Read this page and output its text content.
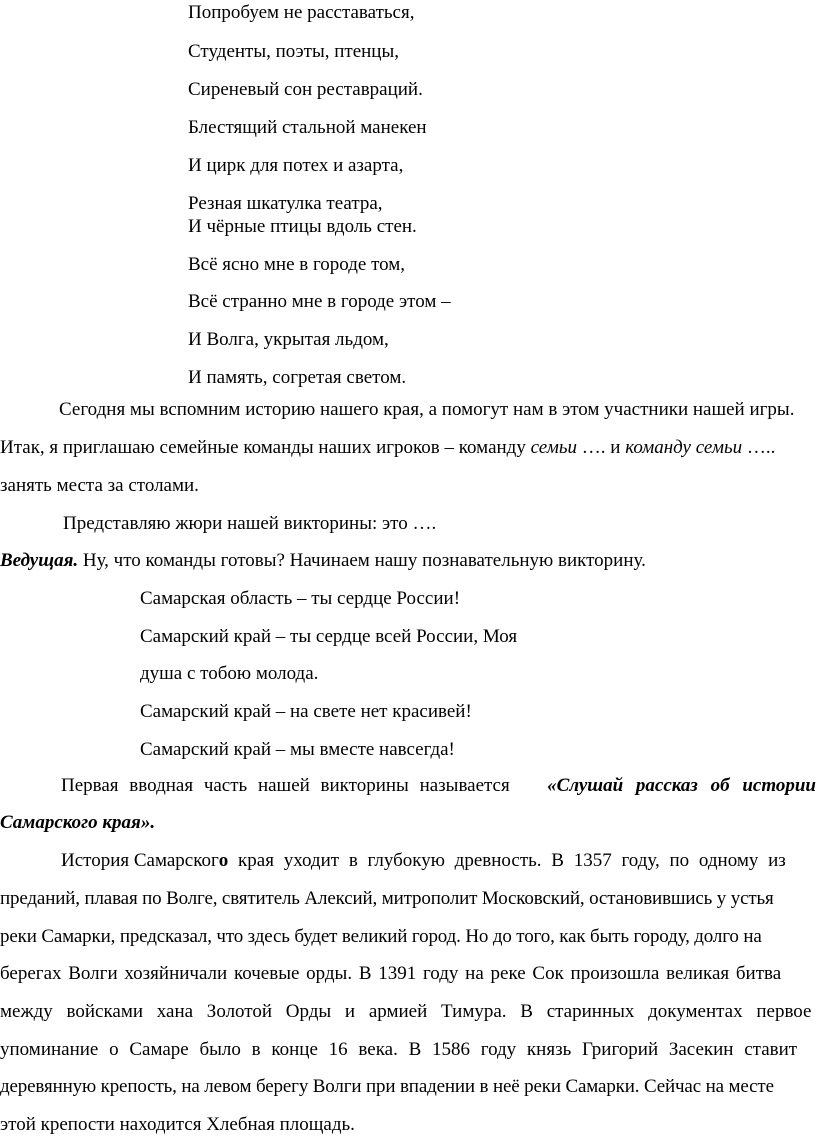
Попробуем не расставаться,
Студенты, поэты, птенцы,
Сиреневый сон реставраций.
Блестящий стальной манекен
И цирк для потех и азарта,
Резная шкатулка театра,
И чёрные птицы вдоль стен.
Всё ясно мне в городе том,
Всё странно мне в городе этом –
И Волга, укрытая льдом,
И память, согретая светом.
Сегодня мы вспомним историю нашего края, а помогут нам в этом участники нашей игры.
Итак, я приглашаю семейные команды наших игроков – команду семьи …. и команду семьи …..
занять места за столами.
Представляю жюри нашей викторины: это ….
Ведущая. Ну, что команды готовы? Начинаем нашу познавательную викторину.
Самарская область – ты сердце России!
Самарский край – ты сердце всей России, Моя
душа с тобою молода.
Самарский край – на свете нет красивей!
Самарский край – мы вместе навсегда!
Первая вводная часть нашей викторины называется «Слушай рассказ об истории
Самарского края».
История Самарского края уходит в глубокую древность. В 1357 году, по одному из
преданий, плавая по Волге, святитель Алексий, митрополит Московский, остановившись у устья
реки Самарки, предсказал, что здесь будет великий город. Но до того, как быть городу, долго на
берегах Волги хозяйничали кочевые орды. В 1391 году на реке Сок произошла великая битва
между войсками хана Золотой Орды и армией Тимура. В старинных документах первое
упоминание о Самаре было в конце 16 века. В 1586 году князь Григорий Засекин ставит
деревянную крепость, на левом берегу Волги при впадении в неё реки Самарки. Сейчас на месте
этой крепости находится Хлебная площадь.
